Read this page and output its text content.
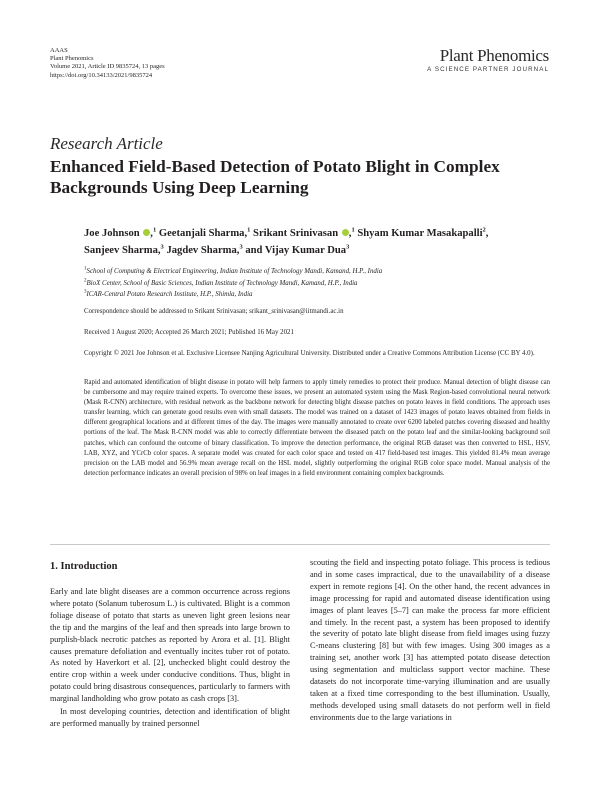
AAAS
Plant Phenomics
Volume 2021, Article ID 9835724, 13 pages
https://doi.org/10.34133/2021/9835724
Plant Phenomics
A SCIENCE PARTNER JOURNAL
Research Article
Enhanced Field-Based Detection of Potato Blight in Complex Backgrounds Using Deep Learning
Joe Johnson ,$^1$ Geetanjali Sharma,$^1$ Srikant Srinivasan ,$^1$ Shyam Kumar Masakapalli$^2$,
Sanjeev Sharma,$^3$ Jagdev Sharma,$^3$ and Vijay Kumar Dua$^3$
$^1$School of Computing & Electrical Engineering, Indian Institute of Technology Mandi, Kamand, H.P., India
$^2$BioX Center, School of Basic Sciences, Indian Institute of Technology Mandi, Kamand, H.P., India
$^3$ICAR-Central Potato Research Institute, H.P., Shimla, India
Correspondence should be addressed to Srikant Srinivasan; srikant_srinivasan@iitmandi.ac.in
Received 1 August 2020; Accepted 26 March 2021; Published 16 May 2021
Copyright © 2021 Joe Johnson et al. Exclusive Licensee Nanjing Agricultural University. Distributed under a Creative Commons Attribution License (CC BY 4.0).
Rapid and automated identification of blight disease in potato will help farmers to apply timely remedies to protect their produce. Manual detection of blight disease can be cumbersome and may require trained experts. To overcome these issues, we present an automated system using the Mask Region-based convolutional neural network (Mask R-CNN) architecture, with residual network as the backbone network for detecting blight disease patches on potato leaves in field conditions. The approach uses transfer learning, which can generate good results even with small datasets. The model was trained on a dataset of 1423 images of potato leaves obtained from fields in different geographical locations and at different times of the day. The images were manually annotated to create over 6200 labeled patches covering diseased and healthy portions of the leaf. The Mask R-CNN model was able to correctly differentiate between the diseased patch on the potato leaf and the similar-looking background soil patches, which can confound the outcome of binary classification. To improve the detection performance, the original RGB dataset was then converted to HSL, HSV, LAB, XYZ, and YCrCb color spaces. A separate model was created for each color space and tested on 417 field-based test images. This yielded 81.4% mean average precision on the LAB model and 56.9% mean average recall on the HSL model, slightly outperforming the original RGB color space model. Manual analysis of the detection performance indicates an overall precision of 98% on leaf images in a field environment containing complex backgrounds.
1. Introduction

Early and late blight diseases are a common occurrence across regions where potato (Solanum tuberosum L.) is cultivated. Blight is a common foliage disease of potato that starts as uneven light green lesions near the tip and the margins of the leaf and then spreads into large brown to purplish-black necrotic patches as reported by Arora et al. [1]. Blight causes premature defoliation and eventually incites tuber rot of potato. As noted by Haverkort et al. [2], unchecked blight could destroy the entire crop within a week under conducive conditions. Thus, blight in potato could bring disastrous consequences, particularly to farmers with marginal landholding who grow potato as cash crops [3].

In most developing countries, detection and identification of blight are performed manually by trained personnel

scouting the field and inspecting potato foliage. This process is tedious and in some cases impractical, due to the unavailability of a disease expert in remote regions [4]. On the other hand, the recent advances in image processing for rapid and automated disease identification using images of plant leaves [5–7] can make the process far more efficient and timely. In the recent past, a system has been proposed to identify the severity of potato late blight disease from field images using fuzzy C-means clustering [8] but with few images. Using 300 images as a training set, another work [3] has attempted potato disease detection using segmentation and multiclass support vector machine. These datasets do not incorporate time-varying illumination and are usually taken at a fixed time corresponding to the best illumination. Usually, methods developed using small datasets do not perform well in field environments due to the large variations in
